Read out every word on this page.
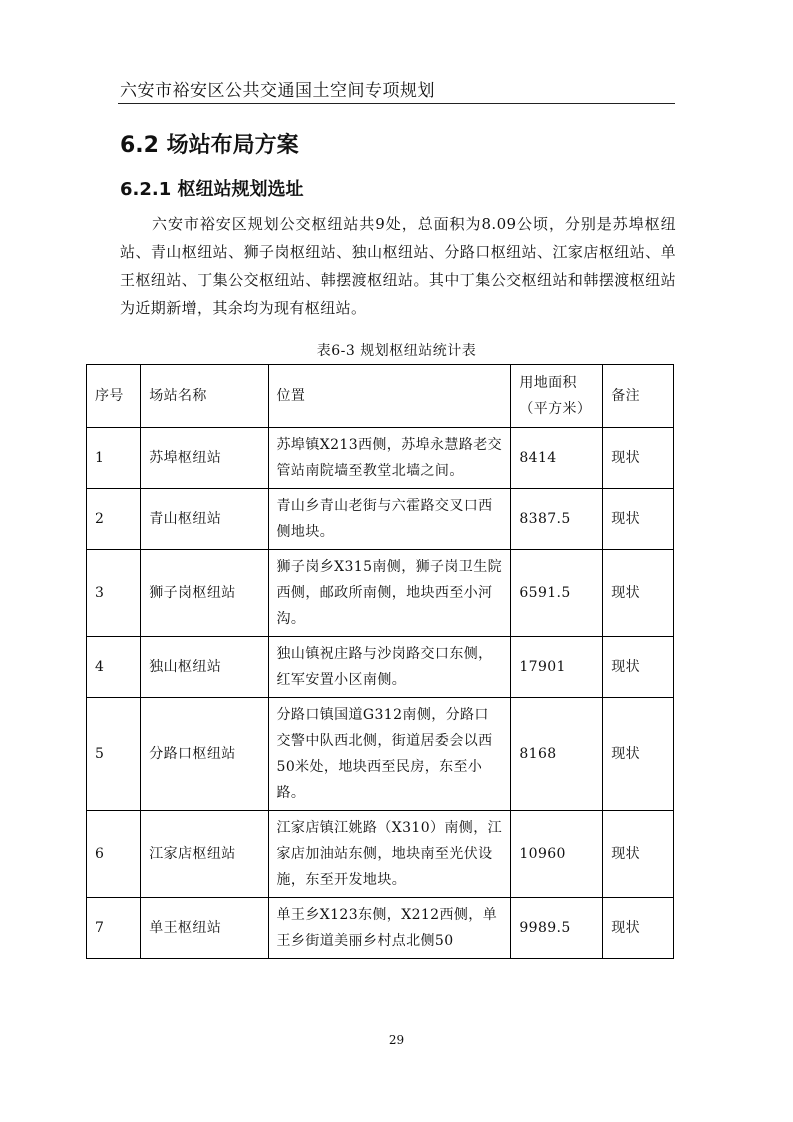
六安市裕安区公共交通国土空间专项规划
6.2 场站布局方案
6.2.1 枢纽站规划选址
六安市裕安区规划公交枢纽站共9处，总面积为8.09公顷，分别是苏埠枢纽站、青山枢纽站、狮子岗枢纽站、独山枢纽站、分路口枢纽站、江家店枢纽站、单王枢纽站、丁集公交枢纽站、韩摆渡枢纽站。其中丁集公交枢纽站和韩摆渡枢纽站为近期新增，其余均为现有枢纽站。
表6-3 规划枢纽站统计表
序号	场站名称	位置	用地面积（平方米）	备注
1	苏埠枢纽站	苏埠镇X213西侧，苏埠永慧路老交管站南院墙至教堂北墙之间。	8414	现状
2	青山枢纽站	青山乡青山老街与六霍路交叉口西侧地块。	8387.5	现状
3	狮子岗枢纽站	狮子岗乡X315南侧，狮子岗卫生院西侧，邮政所南侧，地块西至小河沟。	6591.5	现状
4	独山枢纽站	独山镇祝庄路与沙岗路交口东侧，红军安置小区南侧。	17901	现状
5	分路口枢纽站	分路口镇国道G312南侧，分路口交警中队西北侧，街道居委会以西50米处，地块西至民房，东至小路。	8168	现状
6	江家店枢纽站	江家店镇江姚路（X310）南侧，江家店加油站东侧，地块南至光伏设施，东至开发地块。	10960	现状
7	单王枢纽站	单王乡X123东侧，X212西侧，单王乡街道美丽乡村点北侧50	9989.5	现状
29
